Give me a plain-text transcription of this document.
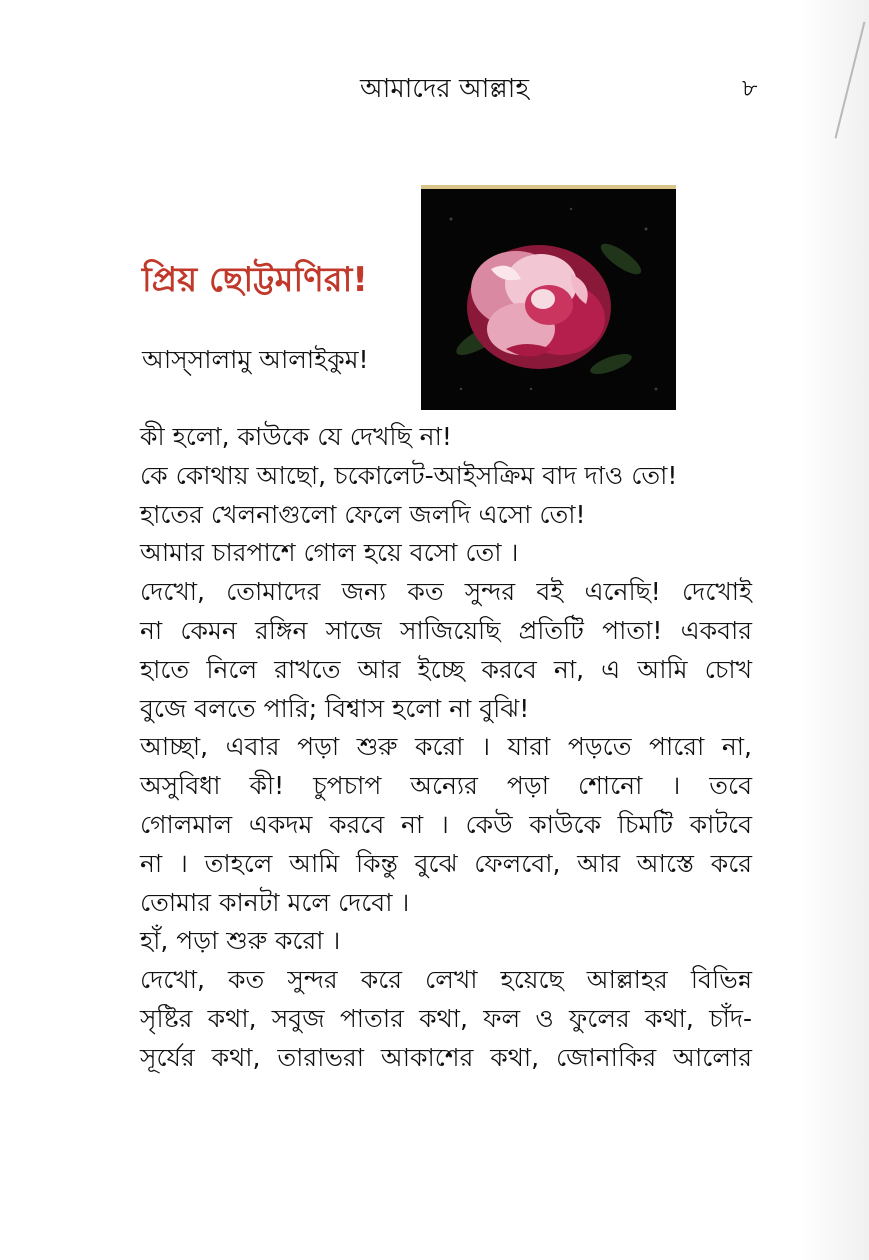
আমাদের আল্লাহ	৮
প্রিয় ছোট্টমণিরা!
আস্‌সালামু আলাইকুম!
কী হলো, কাউকে যে দেখছি না!
কে কোথায় আছো, চকোলেট-আইসক্রিম বাদ দাও তো!
হাতের খেলনাগুলো ফেলে জলদি এসো তো!
আমার চারপাশে গোল হয়ে বসো তো ।
দেখো, তোমাদের জন্য কত সুন্দর বই এনেছি! দেখোই
না কেমন রঙ্গিন সাজে সাজিয়েছি প্রতিটি পাতা! একবার
হাতে নিলে রাখতে আর ইচ্ছে করবে না, এ আমি চোখ
বুজে বলতে পারি; বিশ্বাস হলো না বুঝি!
আচ্ছা, এবার পড়া শুরু করো । যারা পড়তে পারো না,
অসুবিধা কী! চুপচাপ অন্যের পড়া শোনো । তবে
গোলমাল একদম করবে না । কেউ কাউকে চিমটি কাটবে
না । তাহলে আমি কিন্তু বুঝে ফেলবো, আর আস্তে করে
তোমার কানটা মলে দেবো ।
হাঁ, পড়া শুরু করো ।
দেখো, কত সুন্দর করে লেখা হয়েছে আল্লাহর বিভিন্ন
সৃষ্টির কথা, সবুজ পাতার কথা, ফল ও ফুলের কথা, চাঁদ-
সূর্যের কথা, তারাভরা আকাশের কথা, জোনাকির আলোর
